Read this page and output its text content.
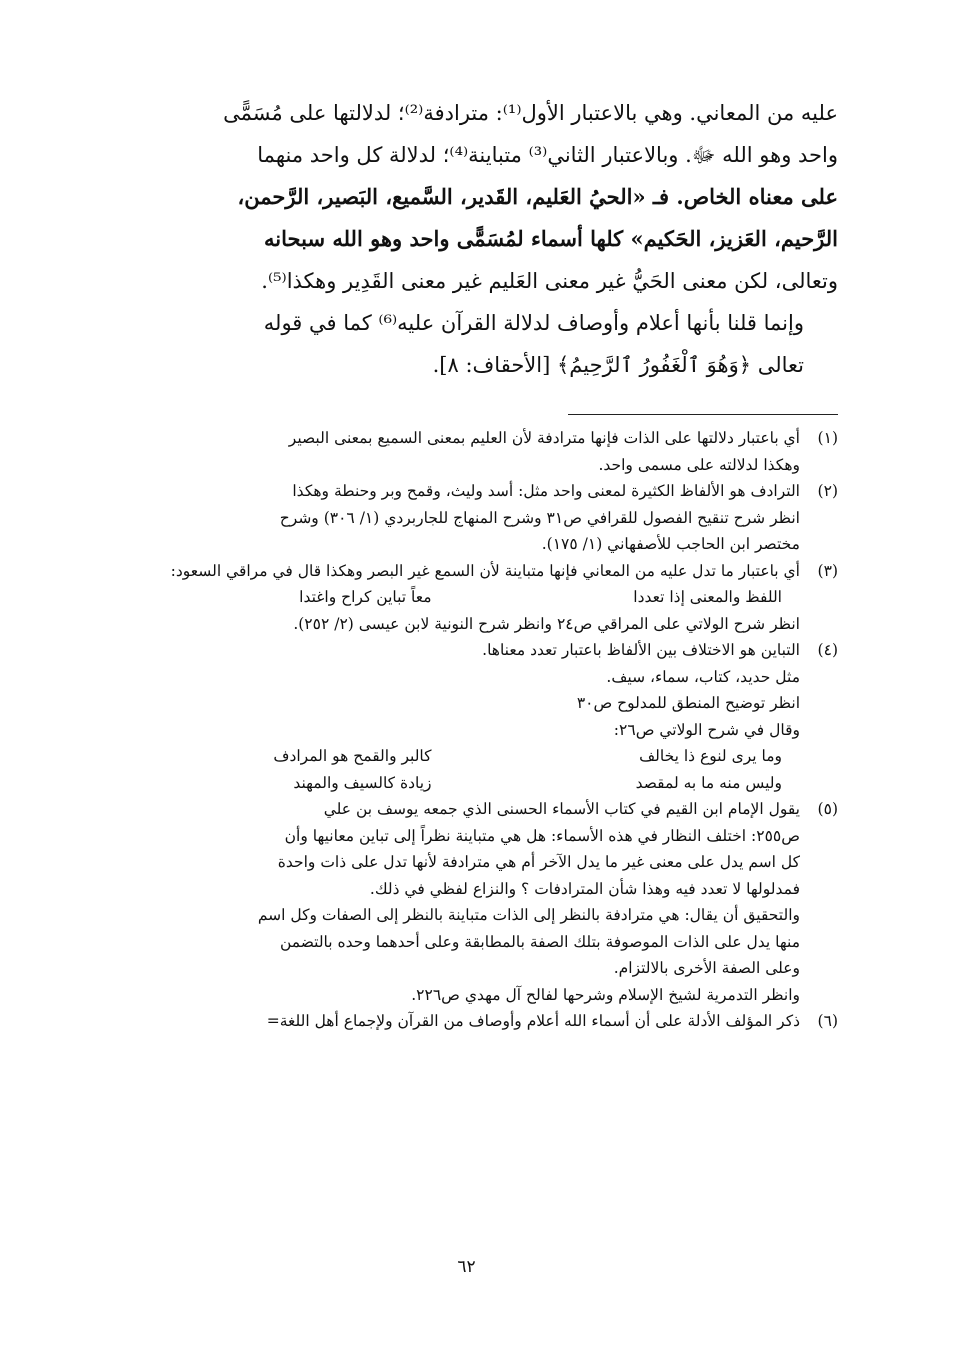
عليه من المعاني. وهي بالاعتبار الأول⁽¹⁾: مترادفة⁽²⁾؛ لدلالتها على مُسَمًّى
واحد وهو الله ﷻ. وبالاعتبار الثاني⁽³⁾ متباينة⁽⁴⁾؛ لدلالة كل واحد منهما
على معناه الخاص. فـ «الحيُ العَليم، القَدير، السَّميع، البَصير، الرَّحمن،
الرَّحيم، العَزيز، الحَكيم» كلها أسماء لمُسَمًّى واحد وهو الله سبحانه
وتعالى، لكن معنى الحَيُّ غير معنى العَليم غير معنى القَدِير وهكذا⁽⁵⁾.

وإنما قلنا بأنها أعلام وأوصاف لدلالة القرآن عليه⁽⁶⁾ كما في قوله
تعالى ﴿وَهُوَ ٱلْغَفُورُ ٱلرَّحِيمُ﴾ [الأحقاف: ٨].

(١)
أي باعتبار دلالتها على الذات فإنها مترادفة لأن العليم بمعنى السميع بمعنى البصير
وهكذا لدلالته على مسمى واحد.
(٢)
الترادف هو الألفاظ الكثيرة لمعنى واحد مثل: أسد وليث، وقمح وبر وحنطة وهكذا
انظر شرح تنقيح الفصول للقرافي ص٣١ وشرح المنهاج للجاربردي (١/ ٣٠٦) وشرح
مختصر ابن الحاجب للأصفهاني (١/ ١٧٥).
(٣)
أي باعتبار ما تدل عليه من المعاني فإنها متباينة لأن السمع غير البصر وهكذا قال في مراقي السعود:
اللفظ والمعنى إذا تعددا
معاً تباين كراح واغتدا
انظر شرح الولاتي على المراقي ص٢٤ وانظر شرح النونية لابن عيسى (٢/ ٢٥٢).
(٤)
التباين هو الاختلاف بين الألفاظ باعتبار تعدد معناها.
مثل حديد، كتاب، سماء، سيف.
انظر توضيح المنطق للمدلوح ص٣٠
وقال في شرح الولاتي ص٢٦:
وما يرى لنوع ذا يخالف
كالبر والقمح هو المرادف
وليس منه ما به لمقصد
زيادة كالسيف والمهند
(٥)
يقول الإمام ابن القيم في كتاب الأسماء الحسنى الذي جمعه يوسف بن علي
ص٢٥٥: اختلف النظار في هذه الأسماء: هل هي متباينة نظراً إلى تباين معانيها وأن
كل اسم يدل على معنى غير ما يدل الآخر أم هي مترادفة لأنها تدل على ذات واحدة
فمدلولها لا تعدد فيه وهذا شأن المترادفات ؟ والنزاع لفظي في ذلك.
والتحقيق أن يقال: هي مترادفة بالنظر إلى الذات متباينة بالنظر إلى الصفات وكل اسم
منها يدل على الذات الموصوفة بتلك الصفة بالمطابقة وعلى أحدهما وحده بالتضمن
وعلى الصفة الأخرى بالالتزام.
وانظر التدمرية لشيخ الإسلام وشرحها لفالح آل مهدي ص٢٢٦.
(٦)
ذكر المؤلف الأدلة على أن أسماء الله أعلام وأوصاف من القرآن ولإجماع أهل اللغة=
٦٢
